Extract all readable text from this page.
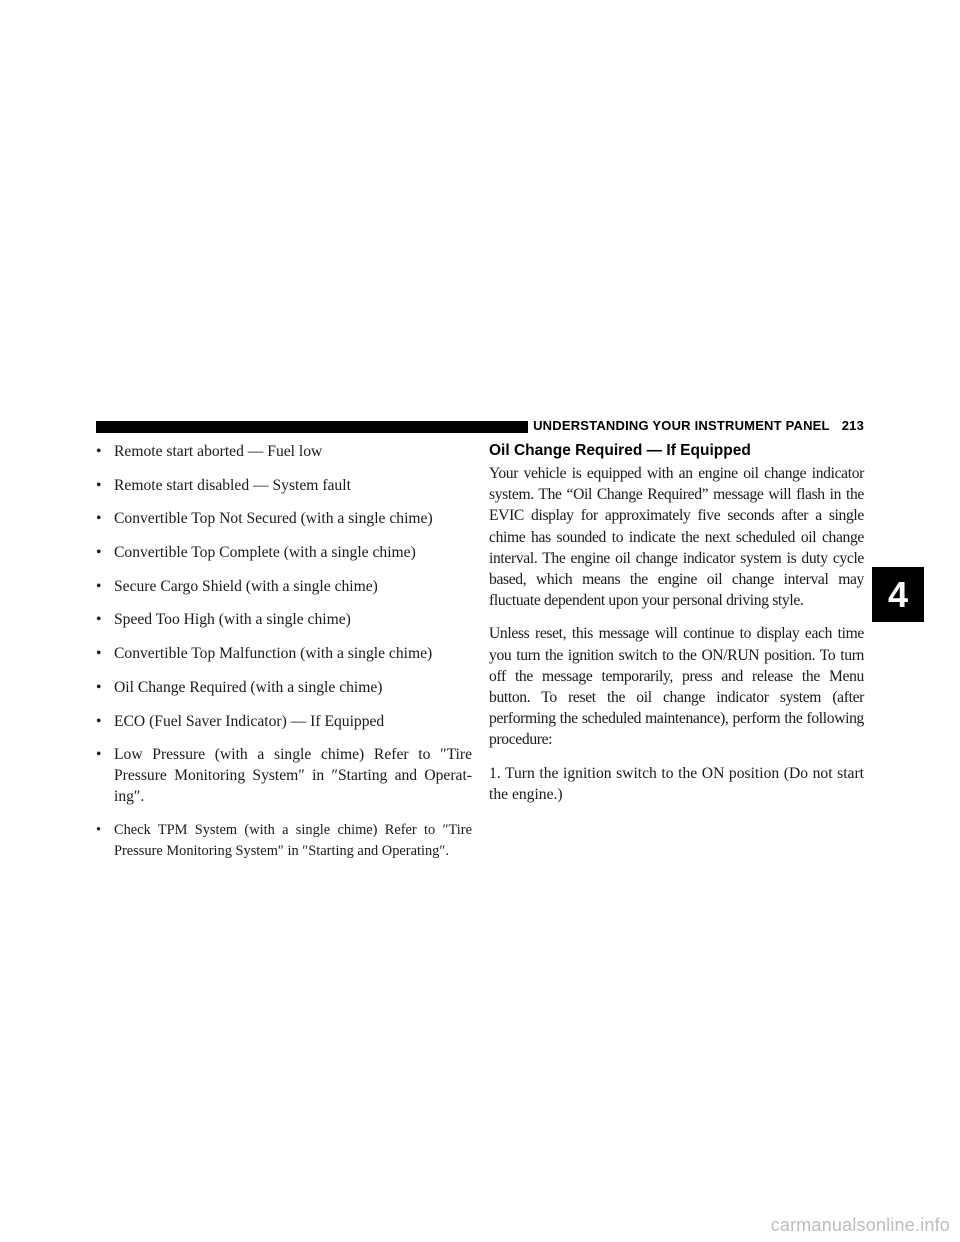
UNDERSTANDING YOUR INSTRUMENT PANEL 213
• Remote start aborted — Fuel low
• Remote start disabled — System fault
• Convertible Top Not Secured (with a single chime)
• Convertible Top Complete (with a single chime)
• Secure Cargo Shield (with a single chime)
• Speed Too High (with a single chime)
• Convertible Top Malfunction (with a single chime)
• Oil Change Required (with a single chime)
• ECO (Fuel Saver Indicator) — If Equipped
• Low Pressure (with a single chime) Refer to ″Tire Pressure Monitoring System″ in ″Starting and Operating″.
• Check TPM System (with a single chime) Refer to ″Tire Pressure Monitoring System″ in ″Starting and Operating″.
Oil Change Required — If Equipped

Your vehicle is equipped with an engine oil change indicator system. The “Oil Change Required” message will flash in the EVIC display for approximately five seconds after a single chime has sounded to indicate the next scheduled oil change interval. The engine oil change indicator system is duty cycle based, which means the engine oil change interval may fluctuate dependent upon your personal driving style.

Unless reset, this message will continue to display each time you turn the ignition switch to the ON/RUN position. To turn off the message temporarily, press and release the Menu button. To reset the oil change indicator system (after performing the scheduled maintenance), perform the following procedure:

1. Turn the ignition switch to the ON position (Do not start the engine.)

4
carmanualsonline.info
